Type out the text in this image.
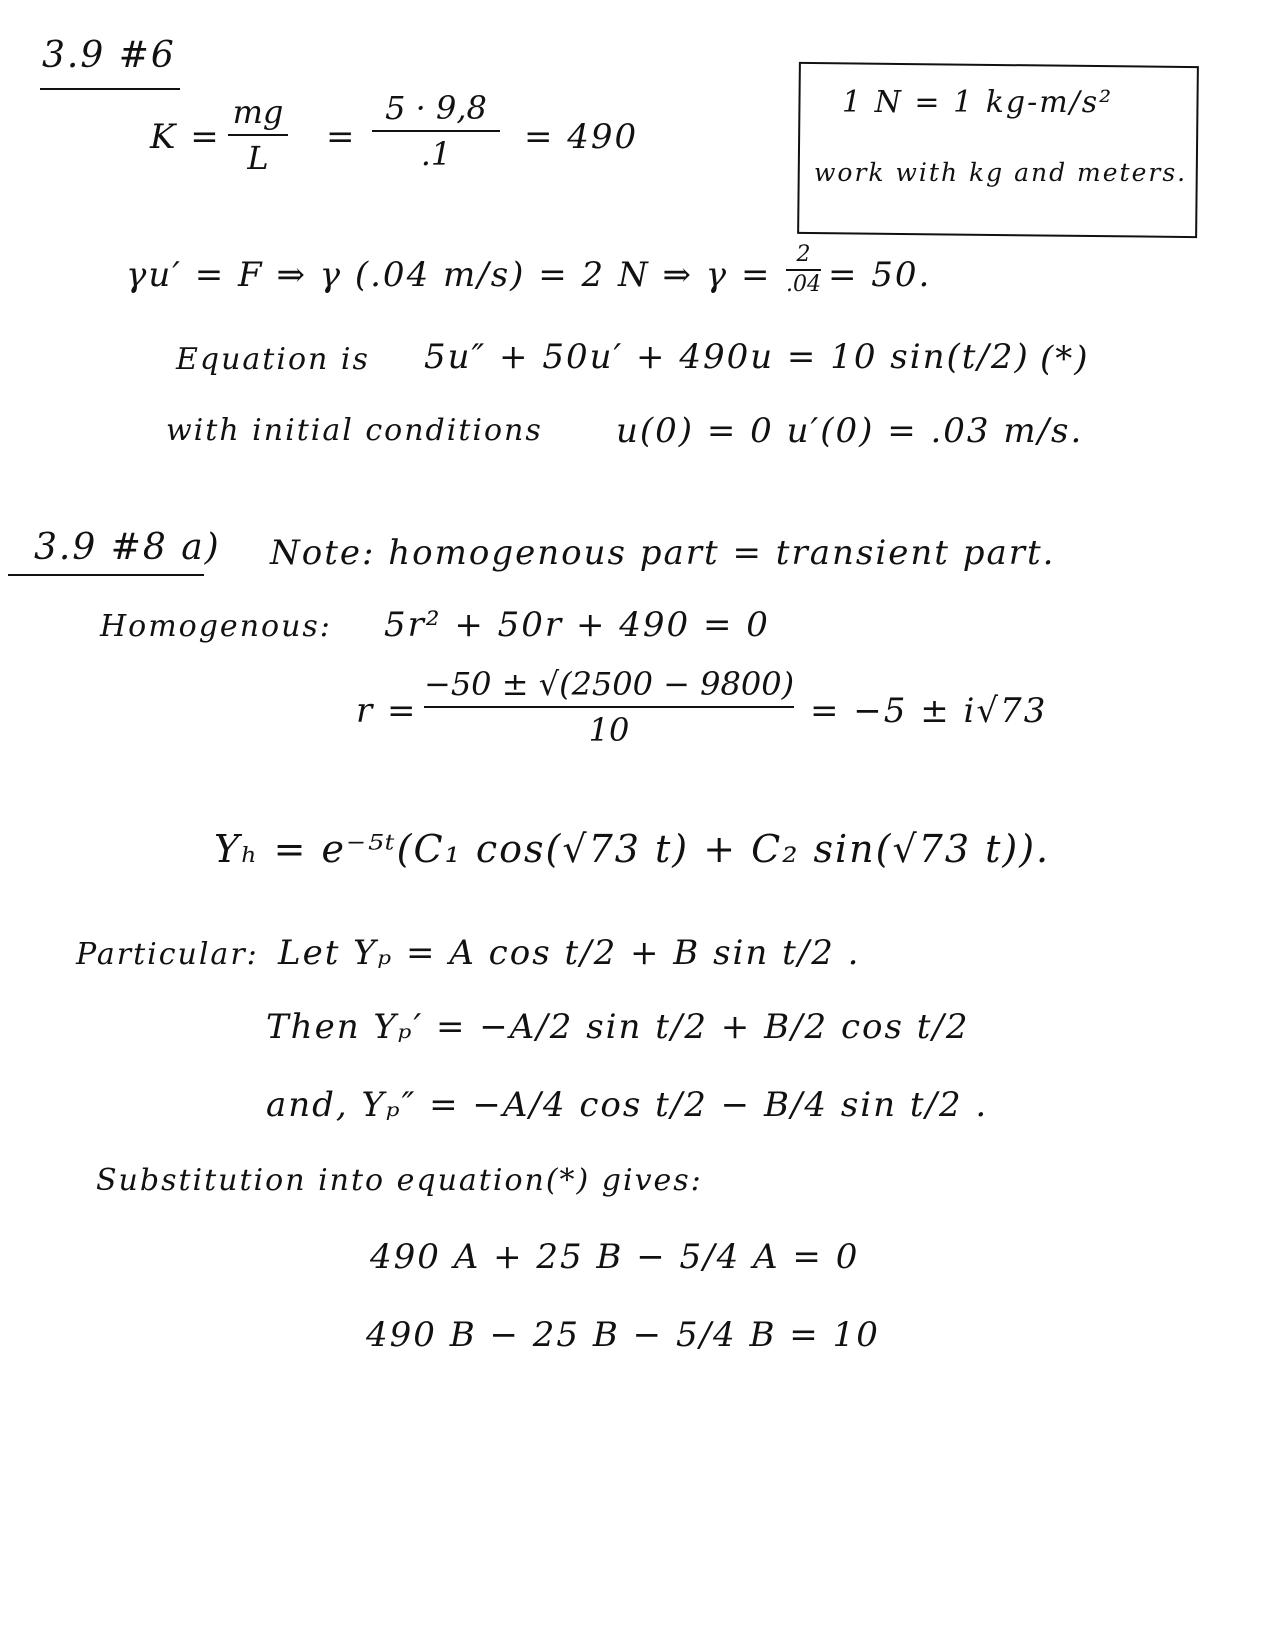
3.9 #6
K =
mg
L
=
5 · 9,8
.1 = 490
1 N = 1 kg-m/s²
work with kg and meters.
γu′ = F ⇒ γ (.04 m/s) = 2 N ⇒ γ =
2
.04 = 50.
Equation is 5u″ + 50u′ + 490u = 10 sin(t/2) (*)
with initial conditions u(0) = 0 u′(0) = .03 m/s.
3.9 #8 a) Note: homogenous part = transient part.
Homogenous: 5r² + 50r + 490 = 0
r =
−50 ± √(2500 − 9800)
10	= −5 ± i√73
Yₕ = e⁻⁵ᵗ(C₁ cos(√73 t) + C₂ sin(√73 t)).
Particular: Let Yₚ = A cos t/2 + B sin t/2 .
Then Yₚ′ = −A/2 sin t/2 + B/2 cos t/2
and, Yₚ″ = −A/4 cos t/2 − B/4 sin t/2 .
Substitution into equation(*) gives:
490 A + 25 B − 5/4 A = 0
490 B − 25 B − 5/4 B = 10
